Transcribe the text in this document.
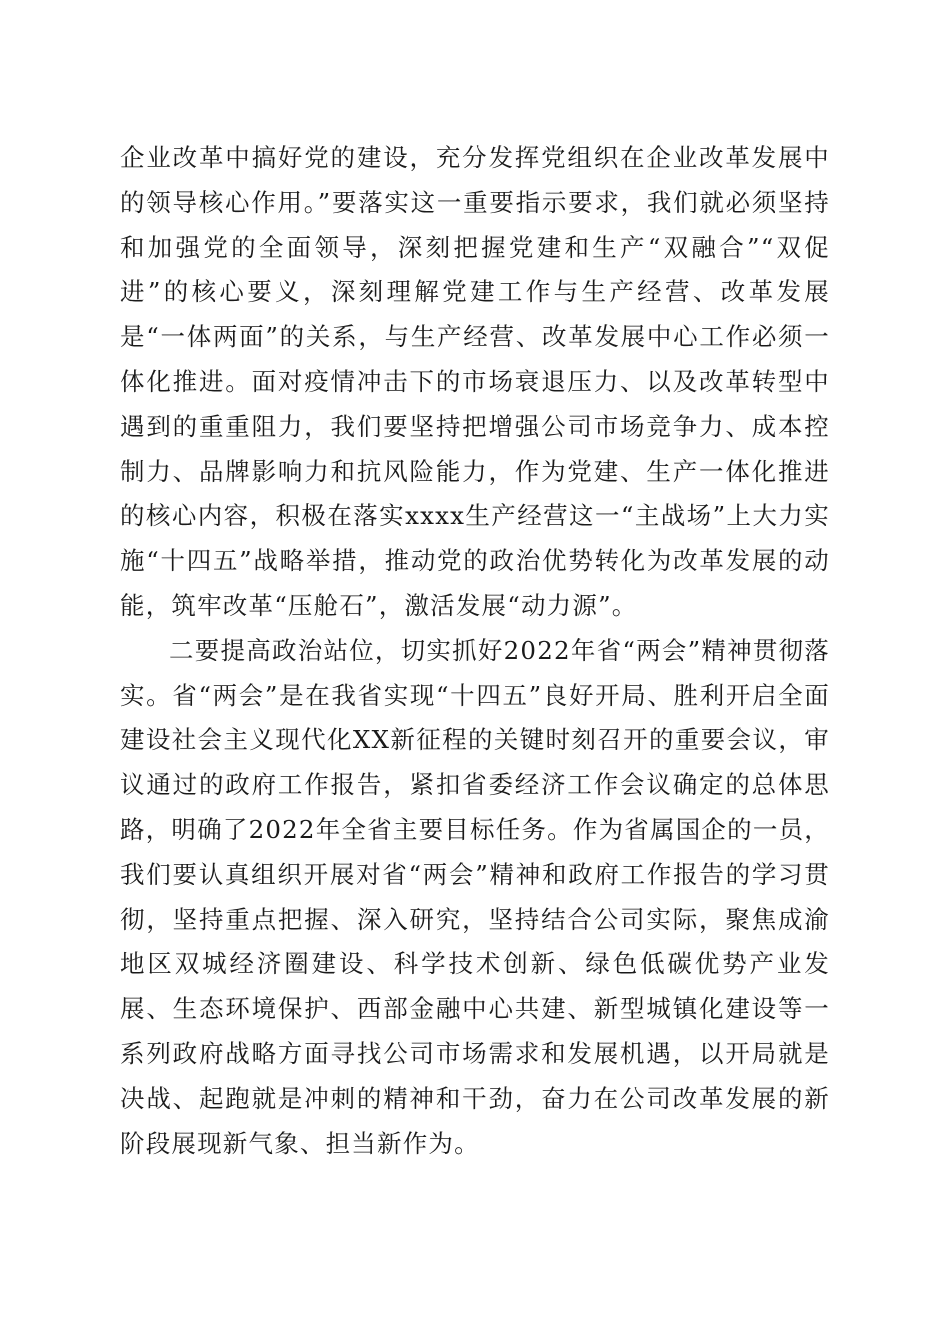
企业改革中搞好党的建设，充分发挥党组织在企业改革发展中的领导核心作用。”要落实这一重要指示要求，我们就必须坚持和加强党的全面领导，深刻把握党建和生产“双融合”“双促进”的核心要义，深刻理解党建工作与生产经营、改革发展是“一体两面”的关系，与生产经营、改革发展中心工作必须一体化推进。面对疫情冲击下的市场衰退压力、以及改革转型中遇到的重重阻力，我们要坚持把增强公司市场竞争力、成本控制力、品牌影响力和抗风险能力，作为党建、生产一体化推进的核心内容，积极在落实xxxx生产经营这一“主战场”上大力实施“十四五”战略举措，推动党的政治优势转化为改革发展的动能，筑牢改革“压舱石”，激活发展“动力源”。

二要提高政治站位，切实抓好2022年省“两会”精神贯彻落实。省“两会”是在我省实现“十四五”良好开局、胜利开启全面建设社会主义现代化XX新征程的关键时刻召开的重要会议，审议通过的政府工作报告，紧扣省委经济工作会议确定的总体思路，明确了2022年全省主要目标任务。作为省属国企的一员，我们要认真组织开展对省“两会”精神和政府工作报告的学习贯彻，坚持重点把握、深入研究，坚持结合公司实际，聚焦成渝地区双城经济圈建设、科学技术创新、绿色低碳优势产业发展、生态环境保护、西部金融中心共建、新型城镇化建设等一系列政府战略方面寻找公司市场需求和发展机遇，以开局就是决战、起跑就是冲刺的精神和干劲，奋力在公司改革发展的新阶段展现新气象、担当新作为。
